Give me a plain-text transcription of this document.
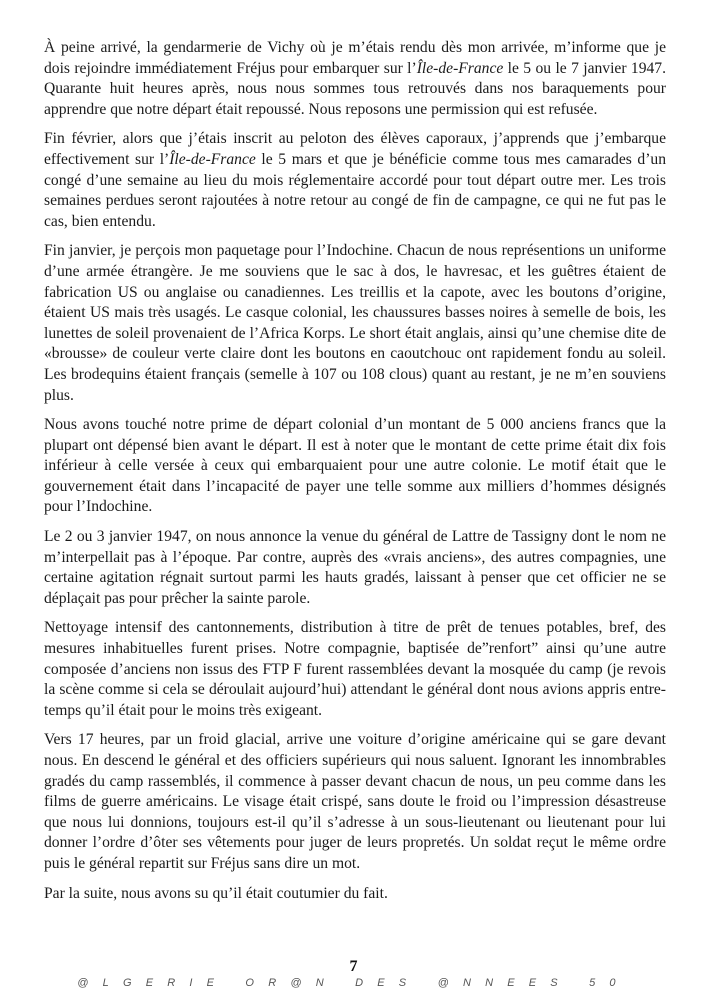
À peine arrivé, la gendarmerie de Vichy où je m’étais rendu dès mon arrivée, m’informe que je dois rejoindre immédiatement Fréjus pour embarquer sur l’Île-de-France le 5 ou le 7 janvier 1947. Quarante huit heures après, nous nous sommes tous retrouvés dans nos baraquements pour apprendre que notre départ était repoussé. Nous reposons une permission qui est refusée.

Fin février, alors que j’étais inscrit au peloton des élèves caporaux, j’apprends que j’embarque effectivement sur l’Île-de-France le 5 mars et que je bénéficie comme tous mes camarades d’un congé d’une semaine au lieu du mois réglementaire accordé pour tout départ outre mer. Les trois semaines perdues seront rajoutées à notre retour au congé de fin de campagne, ce qui ne fut pas le cas, bien entendu.

Fin janvier, je perçois mon paquetage pour l’Indochine. Chacun de nous représentions un uniforme d’une armée étrangère. Je me souviens que le sac à dos, le havresac, et les guêtres étaient de fabrication US ou anglaise ou canadiennes. Les treillis et la capote, avec les boutons d’origine, étaient US mais très usagés. Le casque colonial, les chaussures basses noires à semelle de bois, les lunettes de soleil provenaient de l’Africa Korps. Le short était anglais, ainsi qu’une chemise dite de «brousse» de couleur verte claire dont les boutons en caoutchouc ont rapidement fondu au soleil. Les brodequins étaient français (semelle à 107 ou 108 clous) quant au restant, je ne m’en souviens plus.

Nous avons touché notre prime de départ colonial d’un montant de 5 000 anciens francs que la plupart ont dépensé bien avant le départ. Il est à noter que le montant de cette prime était dix fois inférieur à celle versée à ceux qui embarquaient pour une autre colonie. Le motif était que le gouvernement était dans l’incapacité de payer une telle somme aux milliers d’hommes désignés pour l’Indochine.

Le 2 ou 3 janvier 1947, on nous annonce la venue du général de Lattre de Tassigny dont le nom ne m’interpellait pas à l’époque. Par contre, auprès des «vrais anciens», des autres compagnies, une certaine agitation régnait surtout parmi les hauts gradés, laissant à penser que cet officier ne se déplaçait pas pour prêcher la sainte parole.

Nettoyage intensif des cantonnements, distribution à titre de prêt de tenues potables, bref, des mesures inhabituelles furent prises. Notre compagnie, baptisée de”renfort” ainsi qu’une autre composée d’anciens non issus des FTP F furent rassemblées devant la mosquée du camp (je revois la scène comme si cela se déroulait aujourd’hui) attendant le général dont nous avions appris entre-temps qu’il était pour le moins très exigeant.

Vers 17 heures, par un froid glacial, arrive une voiture d’origine américaine qui se gare devant nous. En descend le général et des officiers supérieurs qui nous saluent. Ignorant les innombrables gradés du camp rassemblés, il commence à passer devant chacun de nous, un peu comme dans les films de guerre américains. Le visage était crispé, sans doute le froid ou l’impression désastreuse que nous lui donnions, toujours est-il qu’il s’adresse à un sous-lieutenant ou lieutenant pour lui donner l’ordre d’ôter ses vêtements pour juger de leurs propretés. Un soldat reçut le même ordre puis le général repartit sur Fréjus sans dire un mot.

Par la suite, nous avons su qu’il était coutumier du fait.

7
@LGERIE OR@N DES @NNEES 50
